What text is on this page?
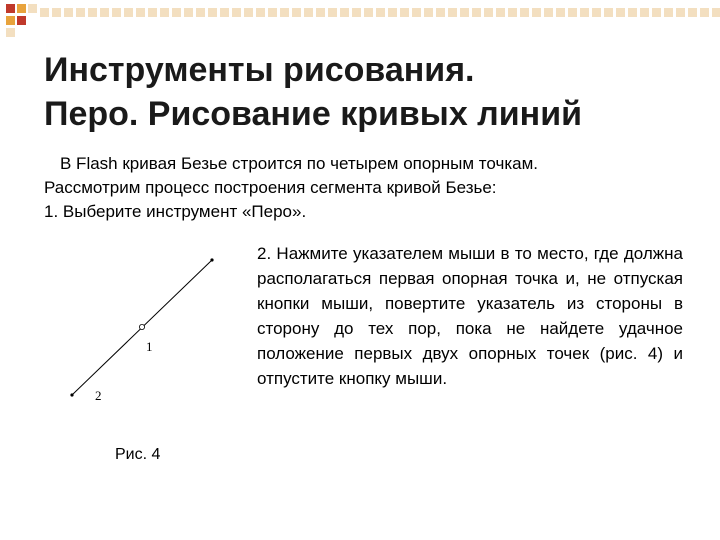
Инструменты рисования.
Перо. Рисование кривых линий
В Flash кривая Безье строится по четырем опорным точкам.
Рассмотрим процесс построения сегмента кривой Безье:
1. Выберите инструмент «Перо».
2. Нажмите указателем мыши в то место, где должна располагаться первая опорная точка и, не отпуская кнопки мыши, повертите указатель из стороны в сторону до тех пор, пока не найдете удачное положение первых двух опорных точек (рис. 4) и отпустите кнопку мыши.
1
2
Рис. 4
